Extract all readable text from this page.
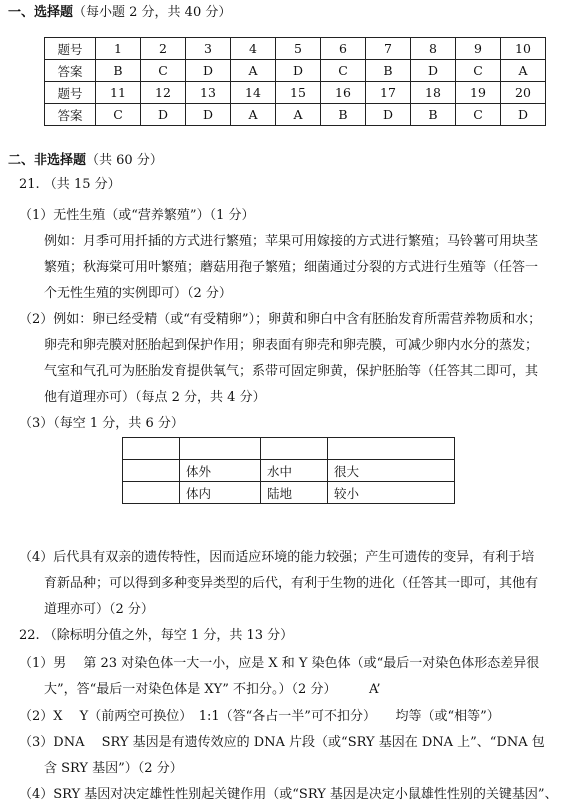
一、选择题（每小题 2 分，共 40 分）
题号	1	2	3	4	5	6	7	8	9	10
答案	B	C	D	A	D	C	B	D	C	A
题号	11	12	13	14	15	16	17	18	19	20
答案	C	D	D	A	A	B	D	B	C	D
二、非选择题（共 60 分）
21. （共 15 分）
（1）无性生殖（或“营养繁殖”）（1 分）
例如：月季可用扦插的方式进行繁殖；苹果可用嫁接的方式进行繁殖；马铃薯可用块茎
繁殖；秋海棠可用叶繁殖；蘑菇用孢子繁殖；细菌通过分裂的方式进行生殖等（任答一
个无性生殖的实例即可）（2 分）
（2）例如：卵已经受精（或“有受精卵”）；卵黄和卵白中含有胚胎发育所需营养物质和水；
卵壳和卵壳膜对胚胎起到保护作用；卵表面有卵壳和卵壳膜，可减少卵内水分的蒸发；
气室和气孔可为胚胎发育提供氧气；系带可固定卵黄，保护胚胎等（任答其二即可，其
他有道理亦可）（每点 2 分，共 4 分）
（3）（每空 1 分，共 6 分）

	体外	水中	很大
	体内	陆地	较小
（4）后代具有双亲的遗传特性，因而适应环境的能力较强；产生可遗传的变异，有利于培
育新品种；可以得到多种变异类型的后代，有利于生物的进化（任答其一即可，其他有
道理亦可）（2 分）
22. （除标明分值之外，每空 1 分，共 13 分）
（1）男　 第 23 对染色体一大一小，应是 X 和 Y 染色体（或“最后一对染色体形态差异很
大”，答“最后一对染色体是 XY” 不扣分。）（2 分）　　　A’
（2）X　 Y（前两空可换位）　1:1（答“各占一半”可不扣分）　　均等（或“相等”）
（3）DNA　 SRY 基因是有遗传效应的 DNA 片段（或“SRY 基因在 DNA 上”、“DNA 包
含 SRY 基因”）（2 分）
（4）SRY 基因对决定雄性性别起关键作用（或“SRY 基因是决定小鼠雄性性别的关键基因”、
